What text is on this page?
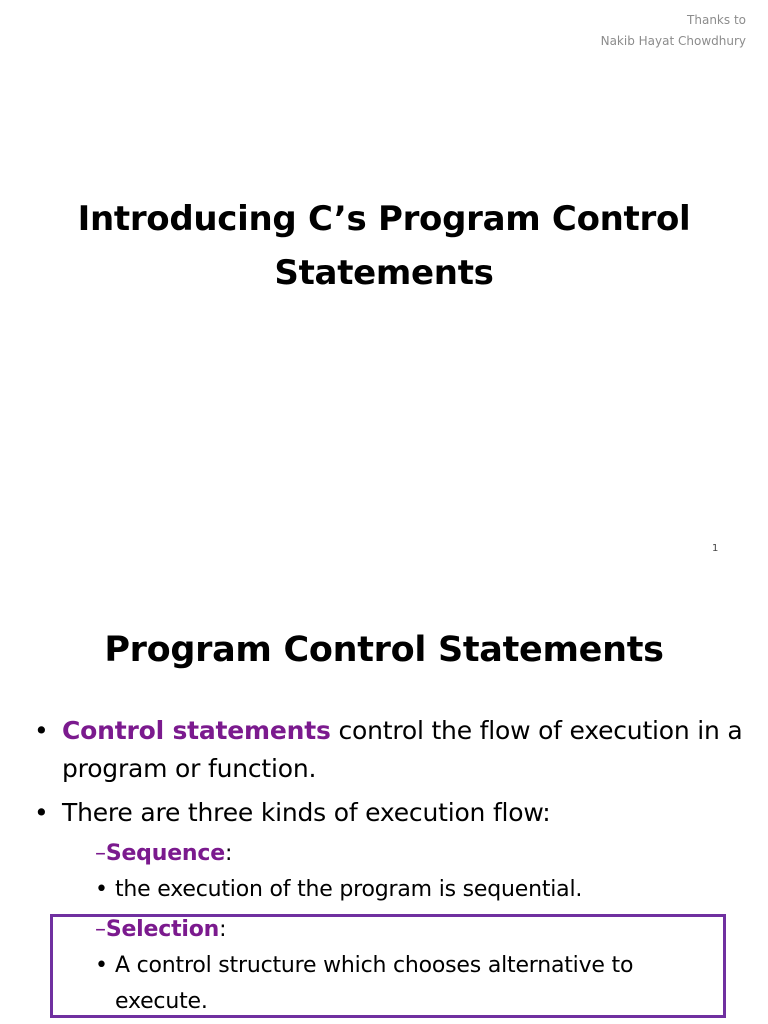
Thanks to
Nakib Hayat Chowdhury
Introducing C’s Program Control
Statements
1
Program Control Statements
• Control statements control the flow of execution in a program or function.
• There are three kinds of execution flow:
–Sequence:
• the execution of the program is sequential.
–Selection:
• A control structure which chooses alternative to execute.
